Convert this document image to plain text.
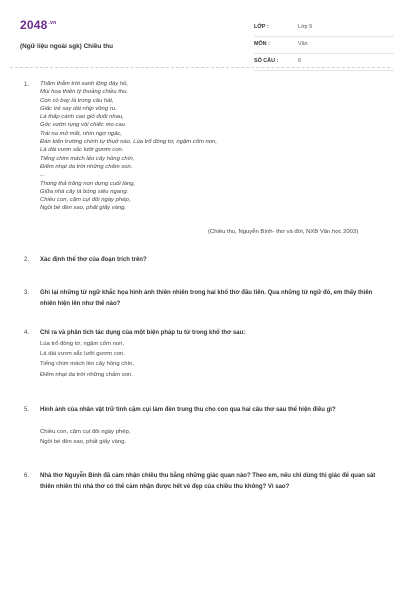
$2048^{.vn}$
(Ngữ liệu ngoài sgk) Chiều thu
LỚP :	Lớp 9
MÔN :	Văn
SỐ CÂU :	6
1. Thăm thẳm trời xanh lộng đáy hồ,
Mùi hoa thiên lý thoảng chiều thu.
Con cò bay lả trong câu hát,
Giấc trẻ say dài nhịp võng ru.
Lá thấp cánh cao gió đuổi nhau,
Góc vườn rụng vội chiếc mo cau
Trái na mở mắt, nhìn ngơ ngác,
Đàn kiến trường chinh tự thuở nào. Lúa trổ đòng tơ, ngậm cốm non,
Lá dài vươn sắc lưỡi gươm con.
Tiếng chim mách lẻo cây hồng chín,
Điểm nhạt da trời những chấm son.
...
Thong thả trăng non dựng cuối làng,
Giữa nhà cây lá bóng siêu ngang.
Chiều con, cặm cụi đôi ngày phép,
Ngồi bé đèn sao, phất giấy vàng.
(Chiều thu, Nguyễn Bính- thơ và đời, NXB Văn học 2003)
2. Xác định thể thơ của đoạn trích trên?
3. Ghi lại những từ ngữ khắc họa hình ảnh thiên nhiên trong hai khổ thơ đầu tiên. Qua những từ ngữ đó, em thấy thiên nhiên hiện lên như thế nào?
4. Chỉ ra và phân tích tác dụng của một biện pháp tu từ trong khổ thơ sau:
Lúa trổ đòng tơ, ngậm cốm non,
Lá dài vươn sắc lưỡi gươm con.
Tiếng chim mách lẻo cây hồng chín,
Điểm nhạt da trời những chấm son.
5. Hình ảnh của nhân vật trữ tình cặm cụi làm đèn trung thu cho con qua hai câu thơ sau thể hiện điều gì?
Chiều con, cặm cụi đôi ngày phép,
Ngồi bé đèn sao, phất giấy vàng.
6. Nhà thơ Nguyễn Bính đã cảm nhận chiều thu bằng những giác quan nào? Theo em, nếu chỉ dùng thị giác để quan sát thiên nhiên thì nhà thơ có thể cảm nhận được hết vẻ đẹp của chiều thu không? Vì sao?
